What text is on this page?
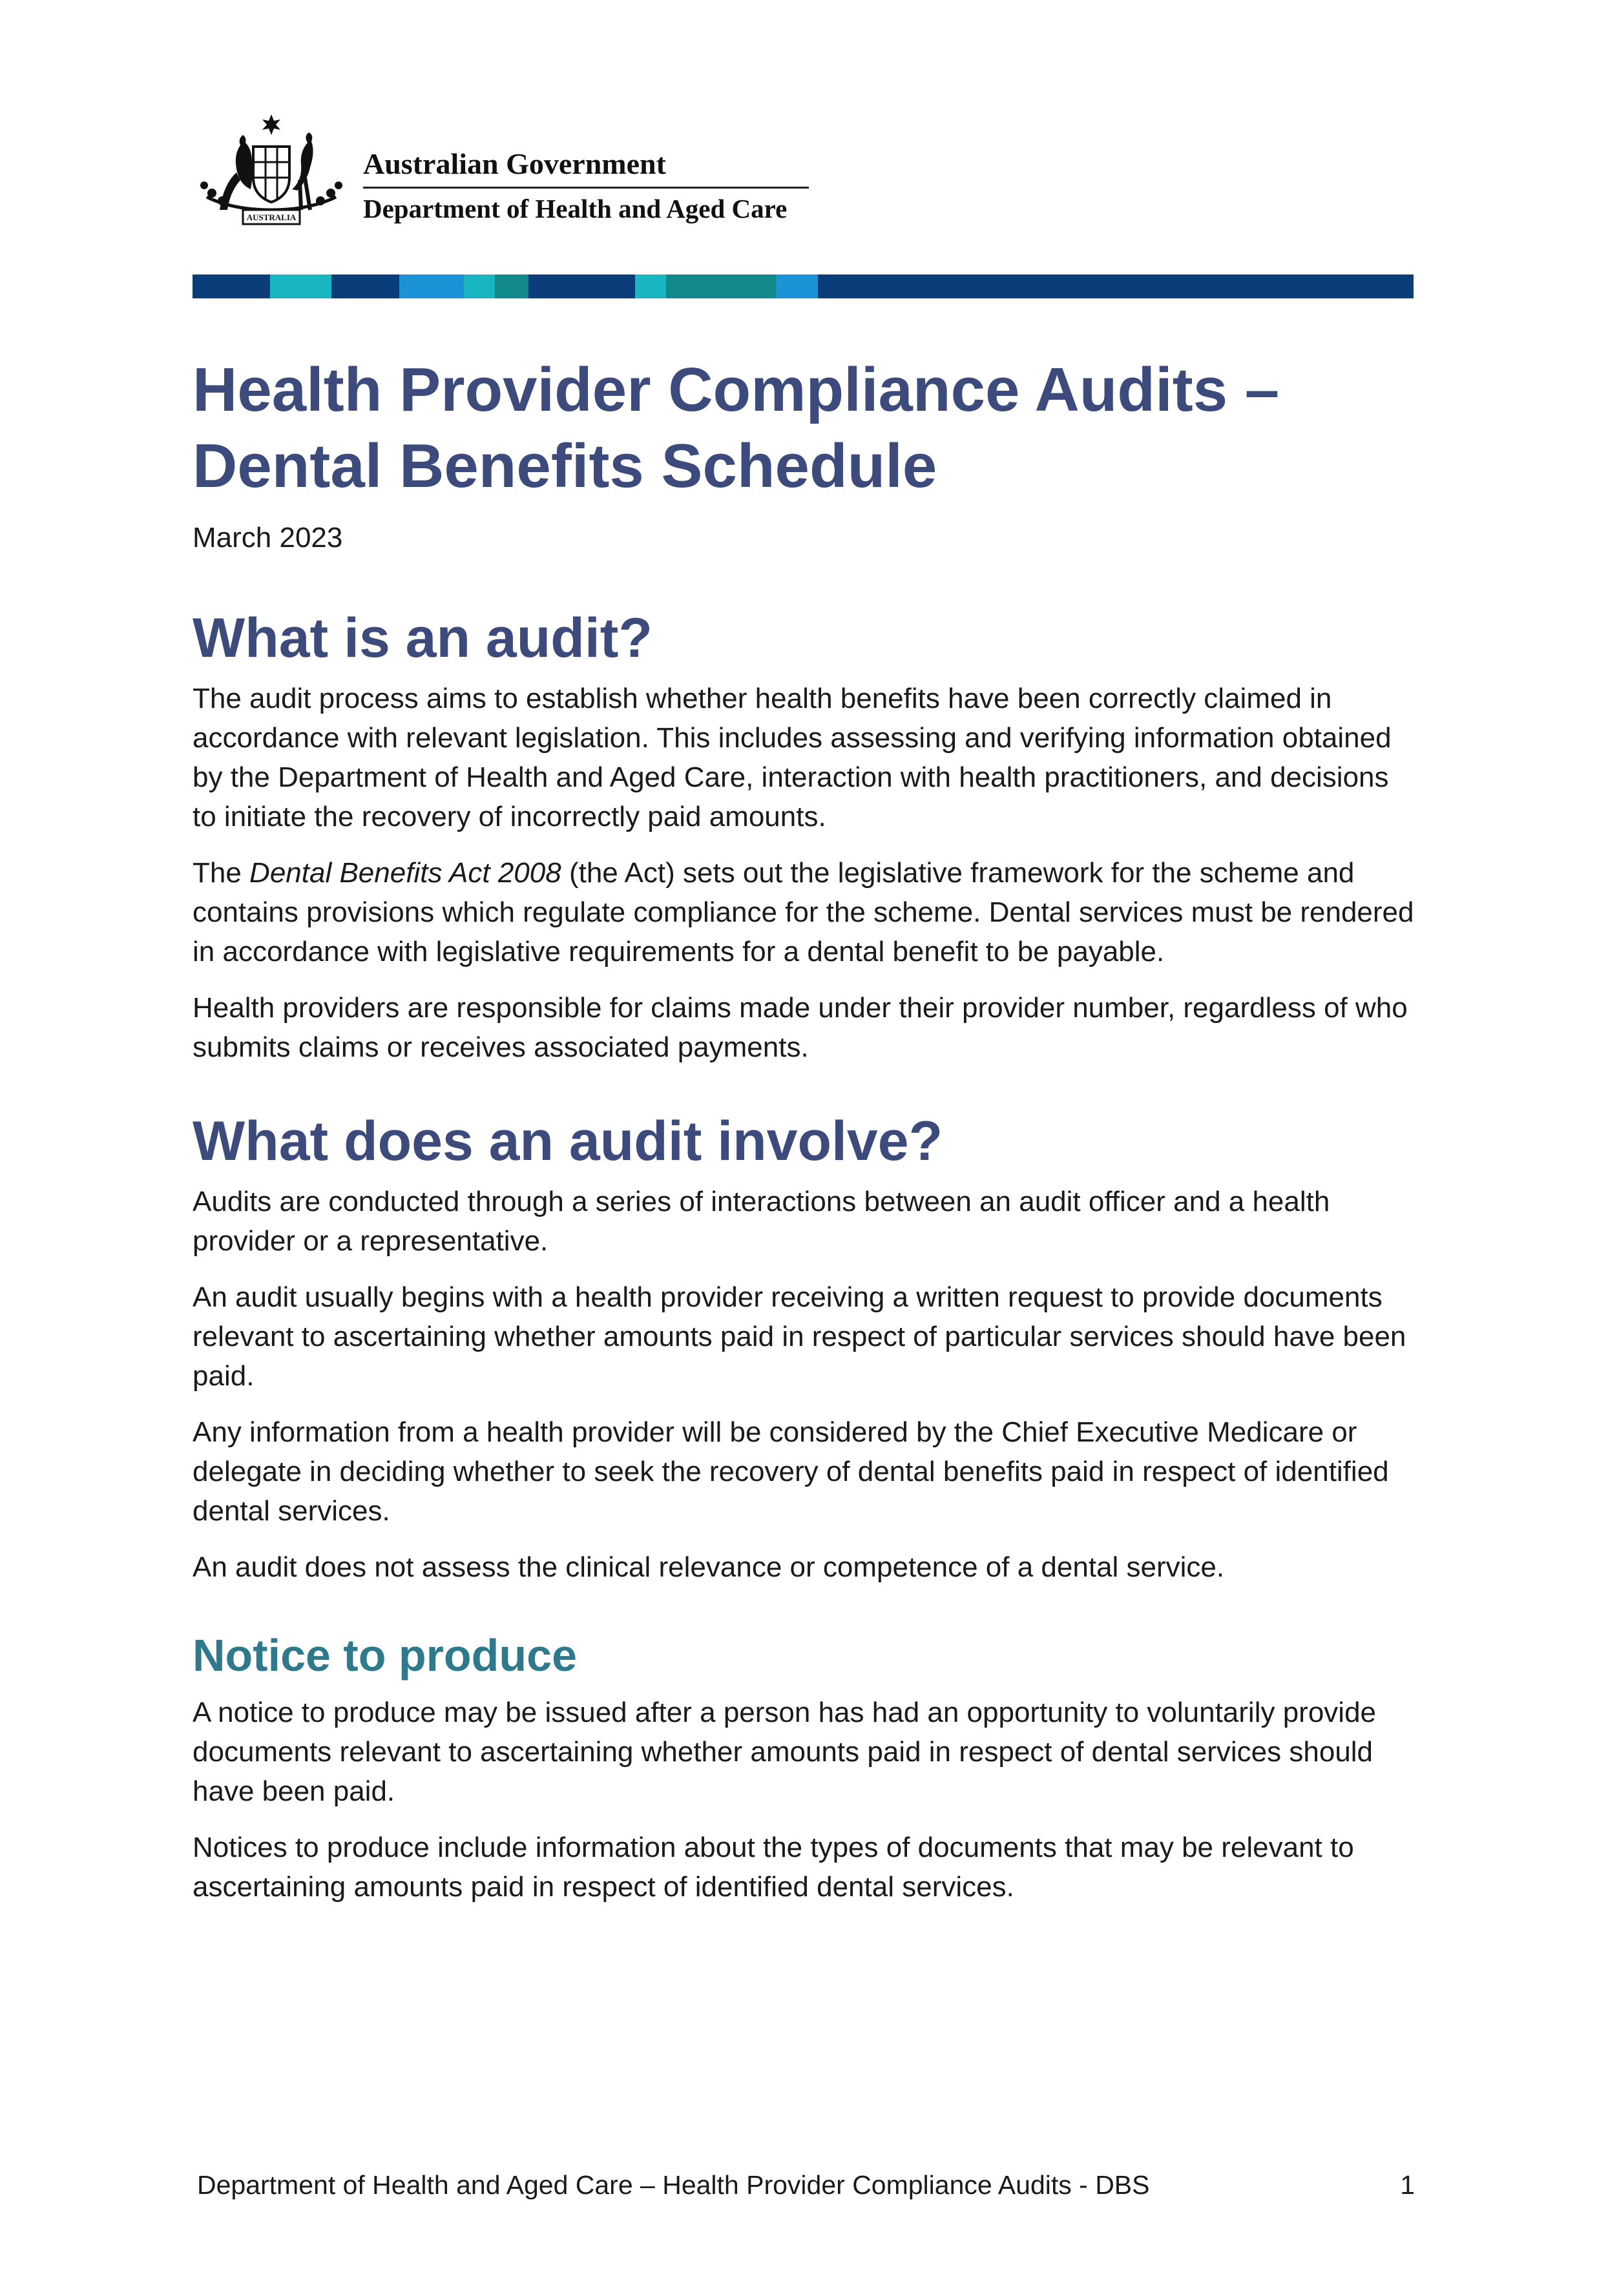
AUSTRALIA
Australian Government
Department of Health and Aged Care
Health Provider Compliance Audits –
Dental Benefits Schedule
March 2023
What is an audit?

The audit process aims to establish whether health benefits have been correctly claimed in accordance with relevant legislation. This includes assessing and verifying information obtained by the Department of Health and Aged Care, interaction with health practitioners, and decisions to initiate the recovery of incorrectly paid amounts.

The Dental Benefits Act 2008 (the Act) sets out the legislative framework for the scheme and contains provisions which regulate compliance for the scheme. Dental services must be rendered in accordance with legislative requirements for a dental benefit to be payable.

Health providers are responsible for claims made under their provider number, regardless of who submits claims or receives associated payments.

What does an audit involve?

Audits are conducted through a series of interactions between an audit officer and a health provider or a representative.

An audit usually begins with a health provider receiving a written request to provide documents relevant to ascertaining whether amounts paid in respect of particular services should have been paid.

Any information from a health provider will be considered by the Chief Executive Medicare or delegate in deciding whether to seek the recovery of dental benefits paid in respect of identified dental services.

An audit does not assess the clinical relevance or competence of a dental service.

Notice to produce

A notice to produce may be issued after a person has had an opportunity to voluntarily provide documents relevant to ascertaining whether amounts paid in respect of dental services should have been paid.

Notices to produce include information about the types of documents that may be relevant to ascertaining amounts paid in respect of identified dental services.

Department of Health and Aged Care – Health Provider Compliance Audits - DBS	1
